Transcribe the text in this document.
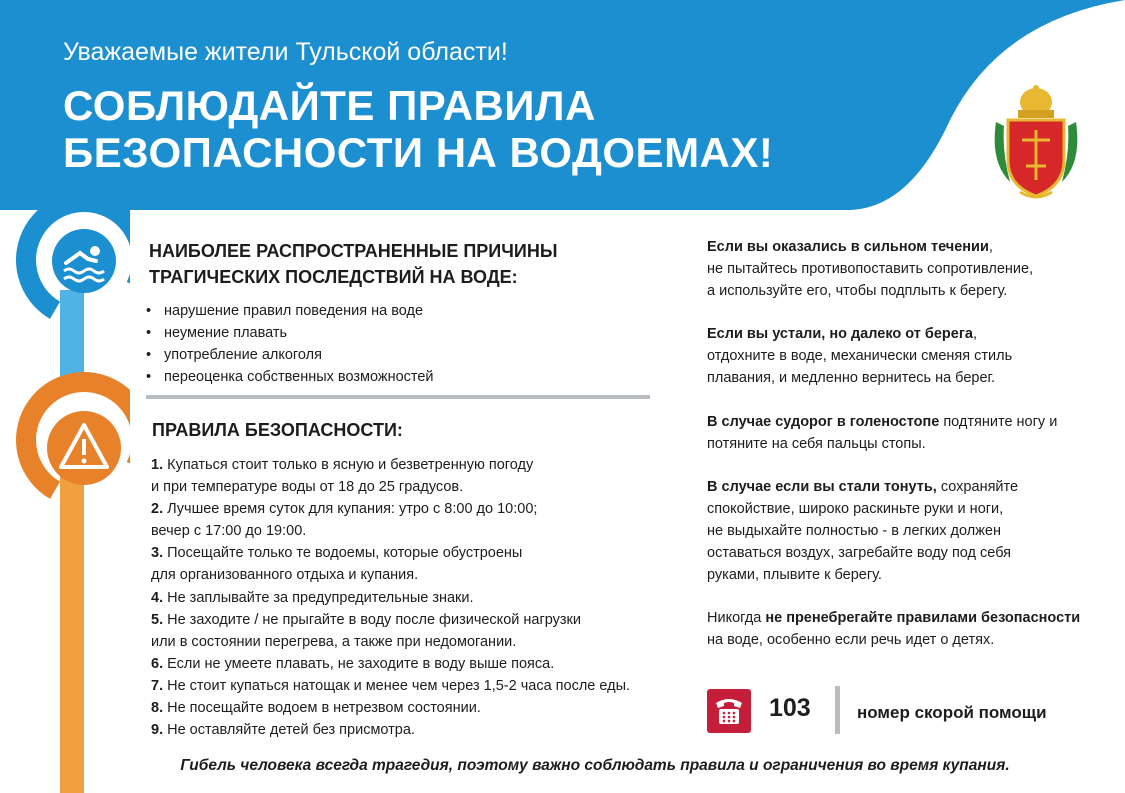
Уважаемые жители Тульской области!
СОБЛЮДАЙТЕ ПРАВИЛА
БЕЗОПАСНОСТИ НА ВОДОЕМАХ!
НАИБОЛЕЕ РАСПРОСТРАНЕННЫЕ ПРИЧИНЫ
ТРАГИЧЕСКИХ ПОСЛЕДСТВИЙ НА ВОДЕ:
• нарушение правил поведения на воде
• неумение плавать
• употребление алкоголя
• переоценка собственных возможностей
ПРАВИЛА БЕЗОПАСНОСТИ:
1. Купаться стоит только в ясную и безветренную погоду
и при температуре воды от 18 до 25 градусов.
2. Лучшее время суток для купания: утро с 8:00 до 10:00;
вечер с 17:00 до 19:00.
3. Посещайте только те водоемы, которые обустроены
для организованного отдыха и купания.
4. Не заплывайте за предупредительные знаки.
5. Не заходите / не прыгайте в воду после физической нагрузки
или в состоянии перегрева, а также при недомогании.
6. Если не умеете плавать, не заходите в воду выше пояса.
7. Не стоит купаться натощак и менее чем через 1,5-2 часа после еды.
8. Не посещайте водоем в нетрезвом состоянии.
9. Не оставляйте детей без присмотра.

Если вы оказались в сильном течении,

не пытайтесь противопоставить сопротивление,

а используйте его, чтобы подплыть к берегу.

Если вы устали, но далеко от берега,

отдохните в воде, механически сменяя стиль

плавания, и медленно вернитесь на берег.

В случае судорог в голеностопе подтяните ногу и

потяните на себя пальцы стопы.

В случае если вы стали тонуть, сохраняйте

спокойствие, широко раскиньте руки и ноги,

не выдыхайте полностью - в легких должен

оставаться воздух, загребайте воду под себя

руками, плывите к берегу.

Никогда не пренебрегайте правилами безопасности

на воде, особенно если речь идет о детях.

103	номер скорой помощи
Гибель человека всегда трагедия, поэтому важно соблюдать правила и ограничения во время купания.
